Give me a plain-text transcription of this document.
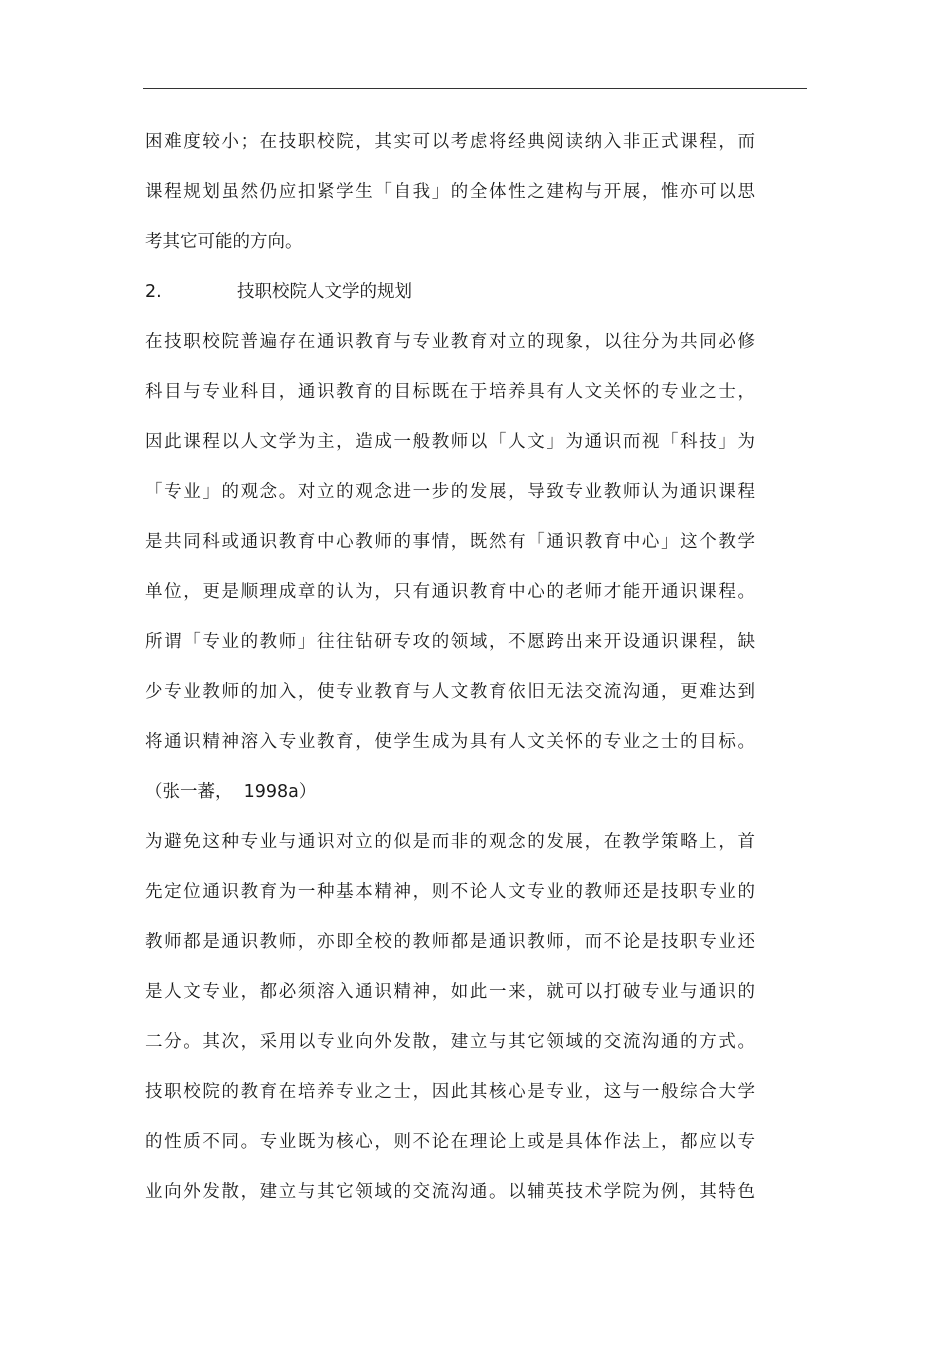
困难度较小；在技职校院，其实可以考虑将经典阅读纳入非正式课程，而
课程规划虽然仍应扣紧学生「自我」的全体性之建构与开展，惟亦可以思
考其它可能的方向。
2.	技职校院人文学的规划
在技职校院普遍存在通识教育与专业教育对立的现象，以往分为共同必修
科目与专业科目，通识教育的目标既在于培养具有人文关怀的专业之士，
因此课程以人文学为主，造成一般教师以「人文」为通识而视「科技」为
「专业」的观念。对立的观念进一步的发展，导致专业教师认为通识课程
是共同科或通识教育中心教师的事情，既然有「通识教育中心」这个教学
单位，更是顺理成章的认为，只有通识教育中心的老师才能开通识课程。
所谓「专业的教师」往往钻研专攻的领域，不愿跨出来开设通识课程，缺
少专业教师的加入，使专业教育与人文教育依旧无法交流沟通，更难达到
将通识精神溶入专业教育，使学生成为具有人文关怀的专业之士的目标。
（张一蕃，  1998a）
为避免这种专业与通识对立的似是而非的观念的发展，在教学策略上，首
先定位通识教育为一种基本精神，则不论人文专业的教师还是技职专业的
教师都是通识教师，亦即全校的教师都是通识教师，而不论是技职专业还
是人文专业，都必须溶入通识精神，如此一来，就可以打破专业与通识的
二分。其次，采用以专业向外发散，建立与其它领域的交流沟通的方式。
技职校院的教育在培养专业之士，因此其核心是专业，这与一般综合大学
的性质不同。专业既为核心，则不论在理论上或是具体作法上，都应以专
业向外发散，建立与其它领域的交流沟通。以辅英技术学院为例，其特色
